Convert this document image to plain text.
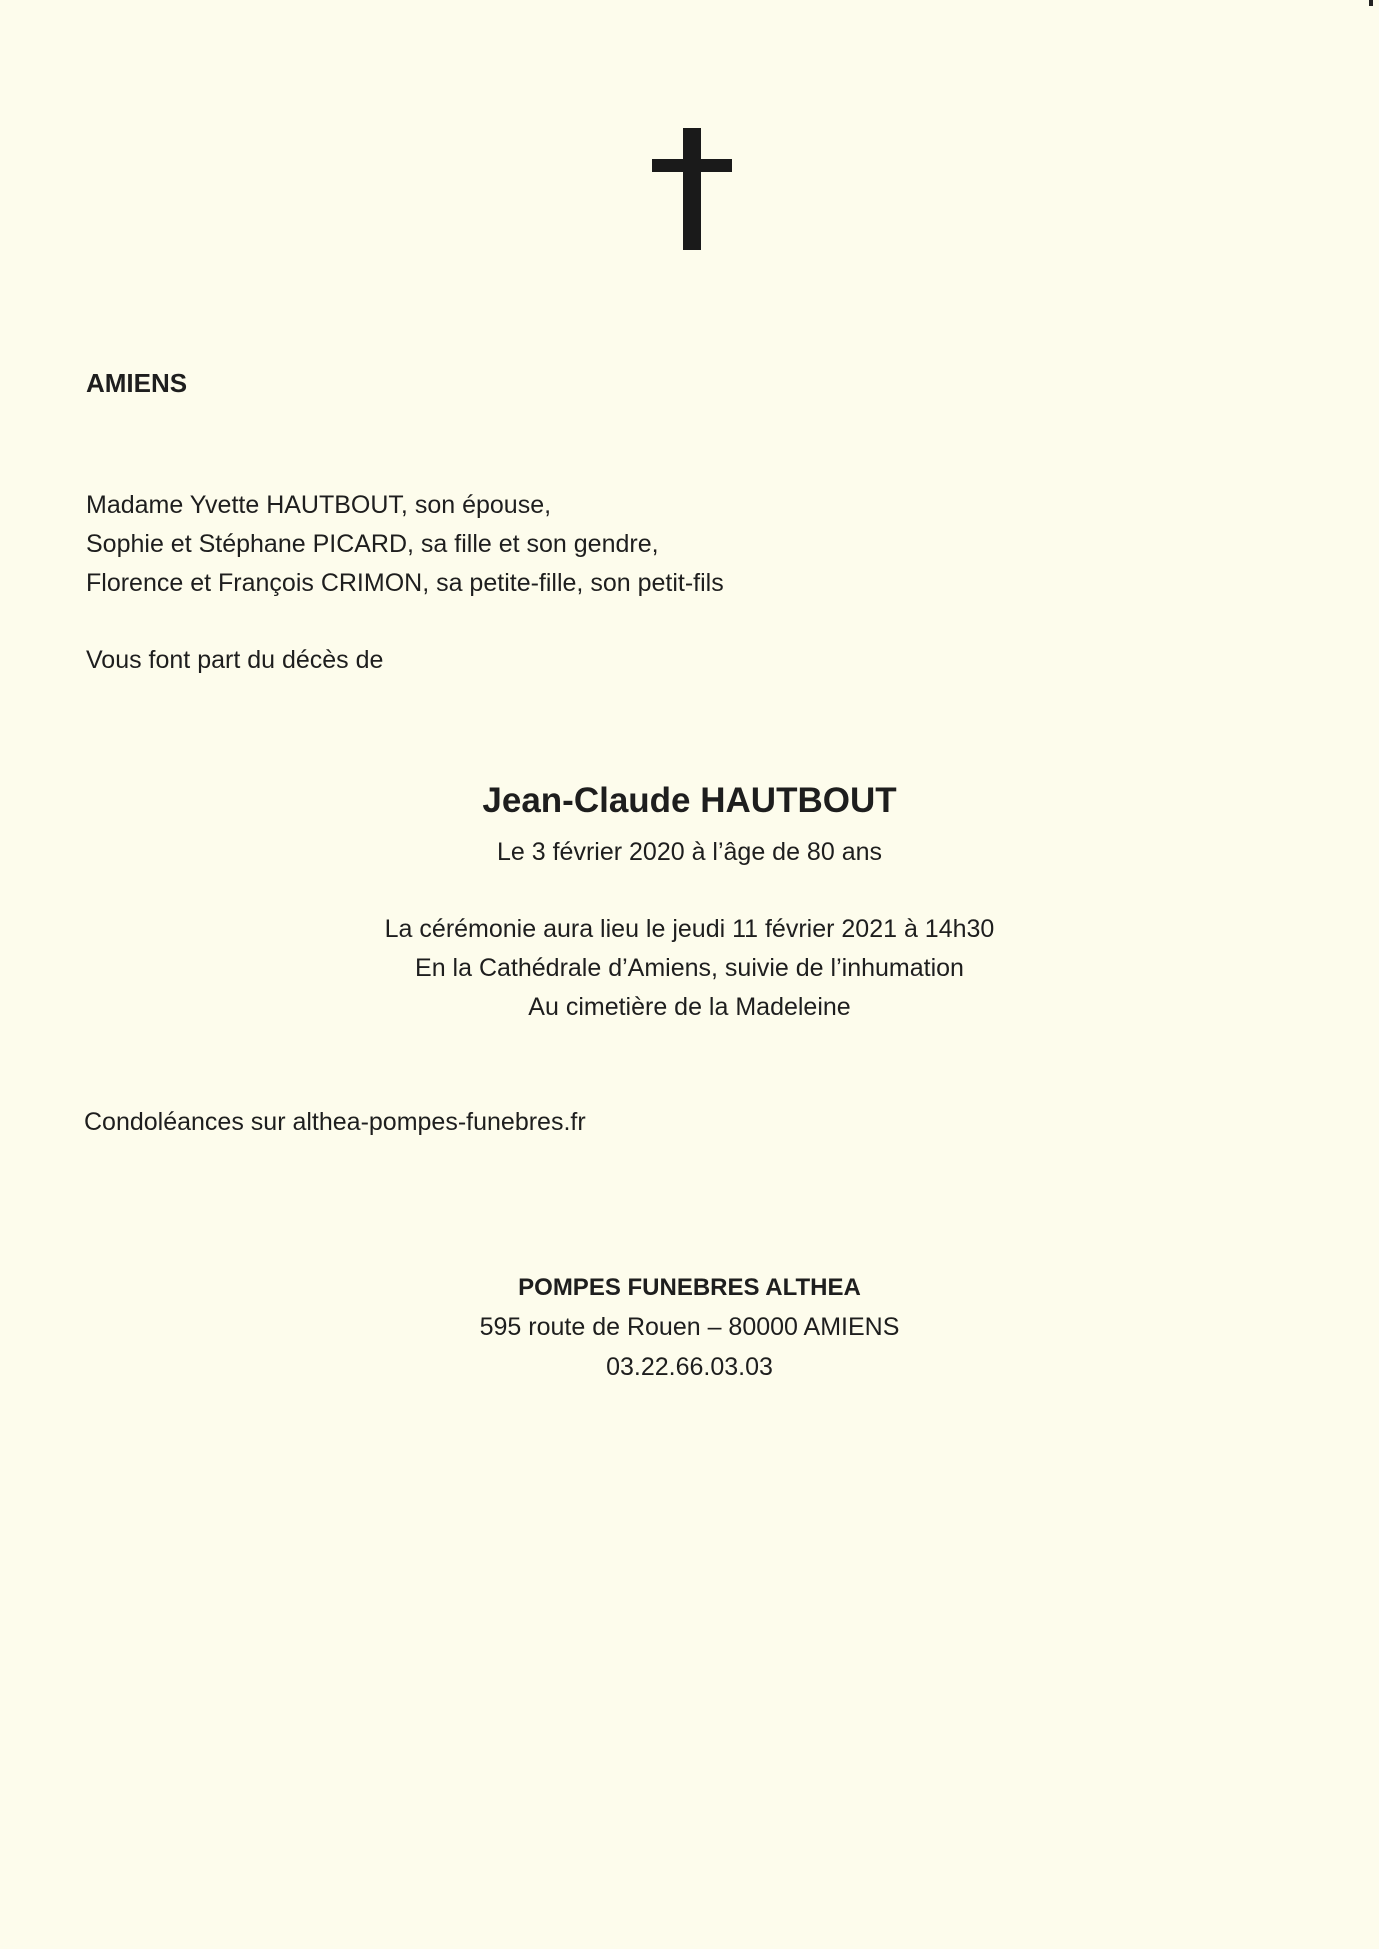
AMIENS
Madame Yvette HAUTBOUT, son épouse,
Sophie et Stéphane PICARD, sa fille et son gendre,
Florence et François CRIMON, sa petite-fille, son petit-fils
Vous font part du décès de
Jean-Claude HAUTBOUT
Le 3 février 2020 à l’âge de 80 ans
La cérémonie aura lieu le jeudi 11 février 2021 à 14h30
En la Cathédrale d’Amiens, suivie de l’inhumation
Au cimetière de la Madeleine
Condoléances sur althea-pompes-funebres.fr
POMPES FUNEBRES ALTHEA
595 route de Rouen – 80000 AMIENS
03.22.66.03.03
